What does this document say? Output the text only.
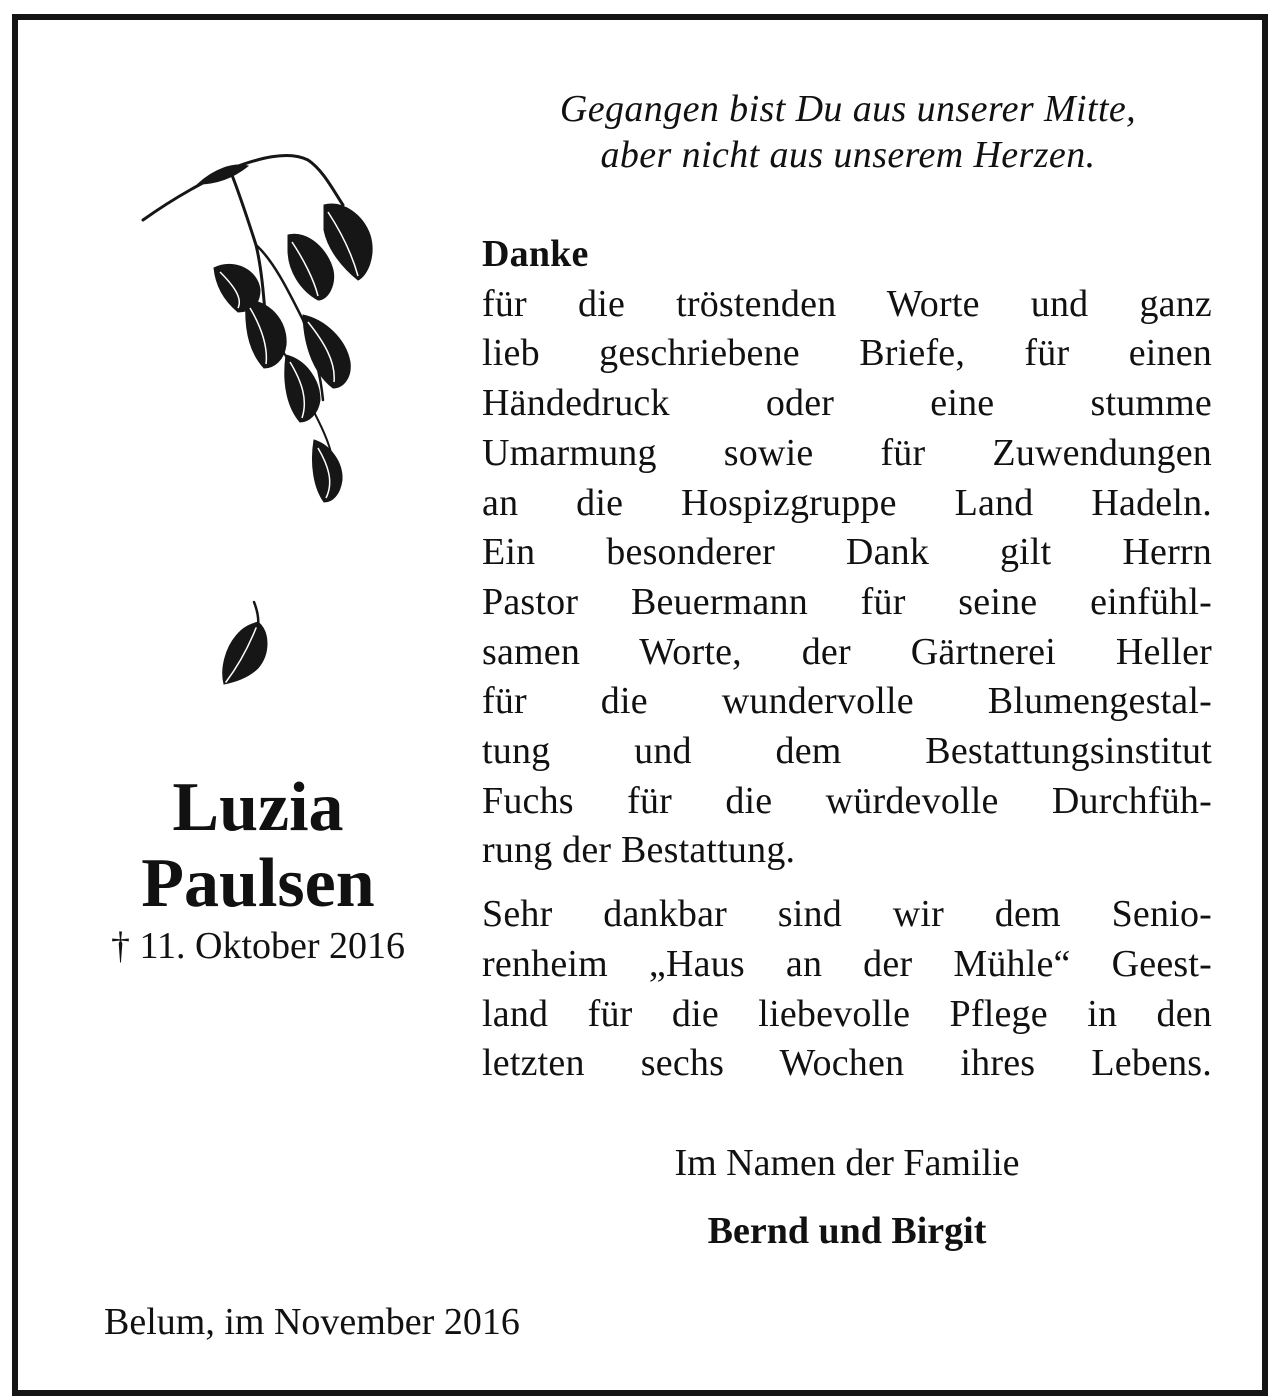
Gegangen bist Du aus unserer Mitte,
aber nicht aus unserem Herzen.
Danke
für die tröstenden Worte und ganz
lieb geschriebene Briefe, für einen
Händedruck oder eine stumme
Umarmung sowie für Zuwendungen
an die Hospizgruppe Land Hadeln.
Ein besonderer Dank gilt Herrn
Pastor Beuermann für seine einfühl-
samen Worte, der Gärtnerei Heller
für die wundervolle Blumengestal-
tung und dem Bestattungsinstitut
Fuchs für die würdevolle Durchfüh-
rung der Bestattung.
Sehr dankbar sind wir dem Senio-
renheim „Haus an der Mühle“ Geest-
land für die liebevolle Pflege in den
letzten sechs Wochen ihres Lebens.
Im Namen der Familie
Bernd und Birgit
Luzia
Paulsen
† 11. Oktober 2016
Belum, im November 2016
